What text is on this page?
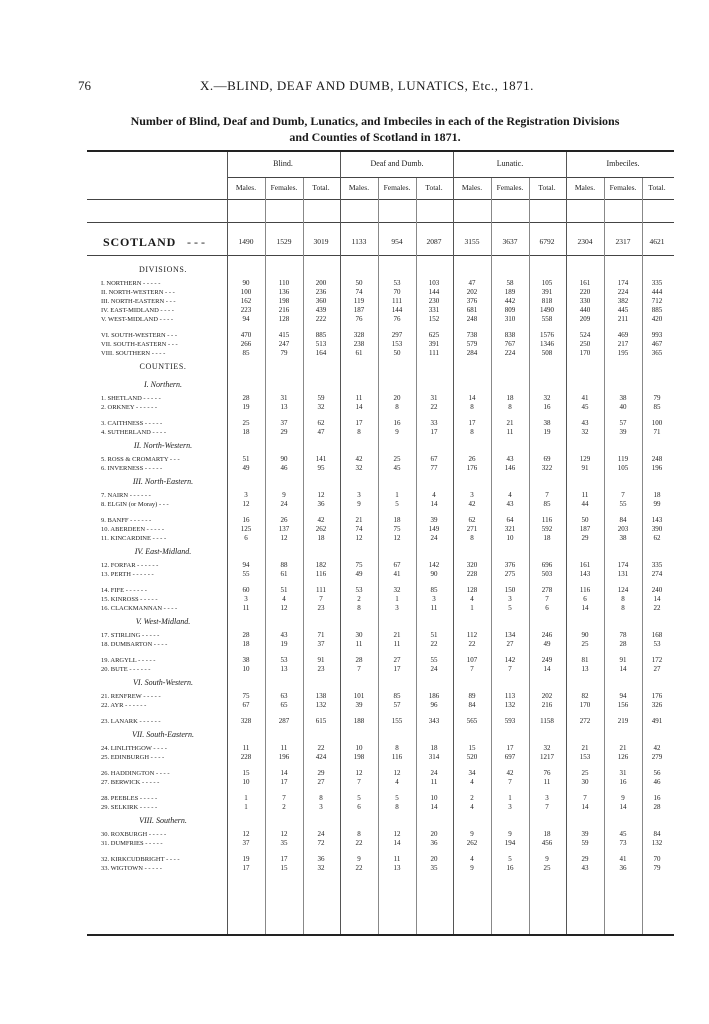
76	X.—BLIND, DEAF AND DUMB, LUNATICS, Etc., 1871.
Number of Blind, Deaf and Dumb, Lunatics, and Imbeciles in each of the Registration Divisions
and Counties of Scotland in 1871.
SCOTLAND - - -
Blind.	Deaf and Dumb.	Lunatic.	Imbeciles.
Males.	Females.	Total.	Males.	Females.	Total.	Males.	Females.	Total.	Males.	Females.	Total.
1490	1529	3019	1133	954	2087	3155	3637	6792	2304	2317	4621
DIVISIONS.
I. NORTHERN - - - - -	90	110	200	50	53	103	47	58	105	161	174	335
II. NORTH-WESTERN - - -	100	136	236	74	70	144	202	189	391	220	224	444
III. NORTH-EASTERN - - -	162	198	360	119	111	230	376	442	818	330	382	712
IV. EAST-MIDLAND - - - -	223	216	439	187	144	331	681	809	1490	440	445	885
V. WEST-MIDLAND - - - -	94	128	222	76	76	152	248	310	558	209	211	420
VI. SOUTH-WESTERN - - -	470	415	885	328	297	625	738	838	1576	524	469	993
VII. SOUTH-EASTERN - - -	266	247	513	238	153	391	579	767	1346	250	217	467
VIII. SOUTHERN - - - -	85	79	164	61	50	111	284	224	508	170	195	365
COUNTIES.
I. Northern.
1. SHETLAND - - - - -	28	31	59	11	20	31	14	18	32	41	38	79
2. ORKNEY - - - - - -	19	13	32	14	8	22	8	8	16	45	40	85
3. CAITHNESS - - - - -	25	37	62	17	16	33	17	21	38	43	57	100
4. SUTHERLAND - - - -	18	29	47	8	9	17	8	11	19	32	39	71
II. North-Western.
5. ROSS & CROMARTY - - -	51	90	141	42	25	67	26	43	69	129	119	248
6. INVERNESS - - - - -	49	46	95	32	45	77	176	146	322	91	105	196
III. North-Eastern.
7. NAIRN - - - - - -	3	9	12	3	1	4	3	4	7	11	7	18
8. ELGIN (or Moray) - - -	12	24	36	9	5	14	42	43	85	44	55	99
9. BANFF - - - - - -	16	26	42	21	18	39	62	64	116	50	84	143
10. ABERDEEN - - - - -	125	137	262	74	75	149	271	321	592	187	203	390
11. KINCARDINE - - - -	6	12	18	12	12	24	8	10	18	29	38	62
IV. East-Midland.
12. FORFAR - - - - - -	94	88	182	75	67	142	320	376	696	161	174	335
13. PERTH - - - - - -	55	61	116	49	41	90	228	275	503	143	131	274
14. FIFE - - - - - -	60	51	111	53	32	85	128	150	278	116	124	240
15. KINROSS - - - - -	3	4	7	2	1	3	4	3	7	6	8	14
16. CLACKMANNAN - - - -	11	12	23	8	3	11	1	5	6	14	8	22
V. West-Midland.
17. STIRLING - - - - -	28	43	71	30	21	51	112	134	246	90	78	168
18. DUMBARTON - - - -	18	19	37	11	11	22	22	27	49	25	28	53
19. ARGYLL - - - - -	38	53	91	28	27	55	107	142	249	81	91	172
20. BUTE - - - - - -	10	13	23	7	17	24	7	7	14	13	14	27
VI. South-Western.
21. RENFREW - - - - -	75	63	138	101	85	186	89	113	202	82	94	176
22. AYR - - - - - -	67	65	132	39	57	96	84	132	216	170	156	326
23. LANARK - - - - - -	328	287	615	188	155	343	565	593	1158	272	219	491
VII. South-Eastern.
24. LINLITHGOW - - - -	11	11	22	10	8	18	15	17	32	21	21	42
25. EDINBURGH - - - -	228	196	424	198	116	314	520	697	1217	153	126	279
26. HADDINGTON - - - -	15	14	29	12	12	24	34	42	76	25	31	56
27. BERWICK - - - - -	10	17	27	7	4	11	4	7	11	30	16	46
28. PEEBLES - - - - -	1	7	8	5	5	10	2	1	3	7	9	16
29. SELKIRK - - - - -	1	2	3	6	8	14	4	3	7	14	14	28
VIII. Southern.
30. ROXBURGH - - - - -	12	12	24	8	12	20	9	9	18	39	45	84
31. DUMFRIES - - - - -	37	35	72	22	14	36	262	194	456	59	73	132
32. KIRKCUDBRIGHT - - - -	19	17	36	9	11	20	4	5	9	29	41	70
33. WIGTOWN - - - - -	17	15	32	22	13	35	9	16	25	43	36	79
